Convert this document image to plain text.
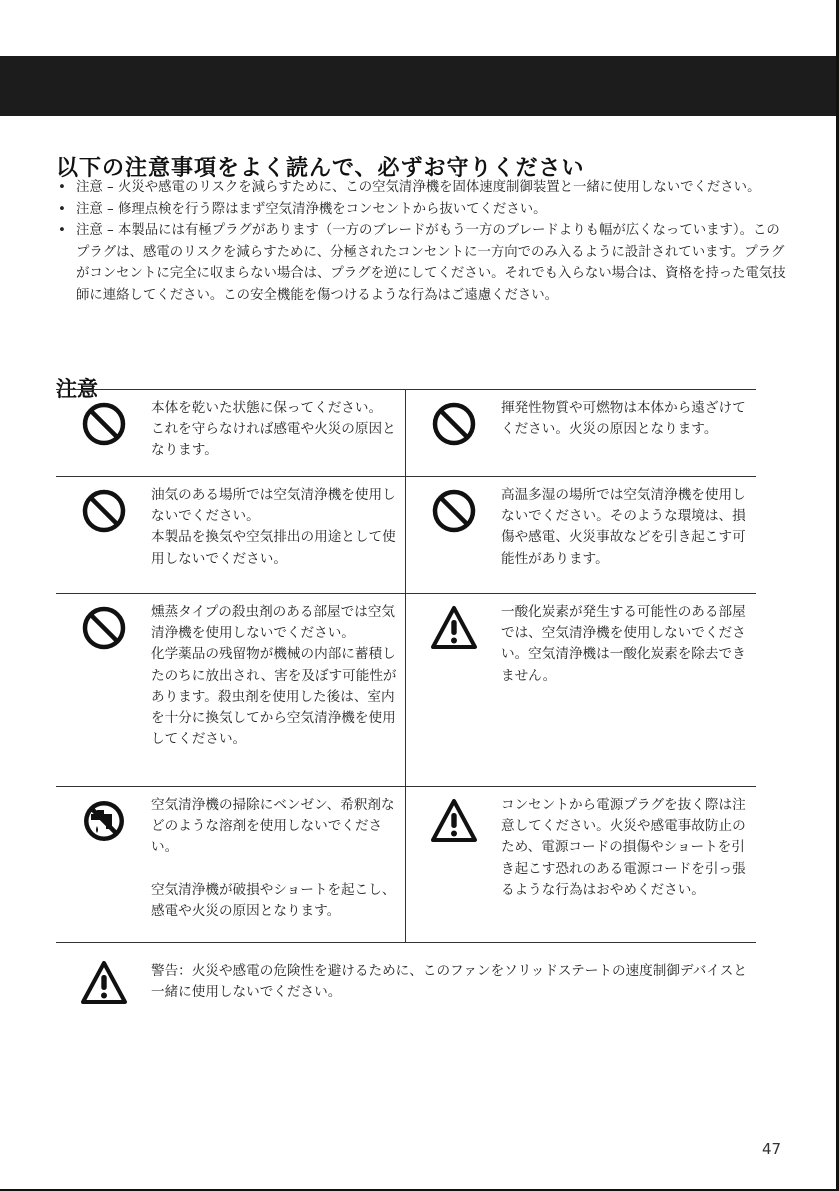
以下の注意事項をよく読んで、必ずお守りください
• 注意 – 火災や感電のリスクを減らすために、この空気清浄機を固体速度制御装置と一緒に使用しないでください。
• 注意 – 修理点検を行う際はまず空気清浄機をコンセントから抜いてください。
• 注意 – 本製品には有極プラグがあります（一方のブレードがもう一方のブレードよりも幅が広くなっています）。このプラグは、感電のリスクを減らすために、分極されたコンセントに一方向でのみ入るように設計されています。プラグがコンセントに完全に収まらない場合は、プラグを逆にしてください。それでも入らない場合は、資格を持った電気技師に連絡してください。この安全機能を傷つけるような行為はご遠慮ください。
注意

本体を乾いた状態に保ってください。

これを守らなければ感電や火災の原因となります。

揮発性物質や可燃物は本体から遠ざけてください。火災の原因となります。

油気のある場所では空気清浄機を使用しないでください。

本製品を換気や空気排出の用途として使用しないでください。

高温多湿の場所では空気清浄機を使用しないでください。そのような環境は、損傷や感電、火災事故などを引き起こす可能性があります。

燻蒸タイプの殺虫剤のある部屋では空気清浄機を使用しないでください。

化学薬品の残留物が機械の内部に蓄積したのちに放出され、害を及ぼす可能性があります。殺虫剤を使用した後は、室内を十分に換気してから空気清浄機を使用してください。

一酸化炭素が発生する可能性のある部屋では、空気清浄機を使用しないでください。空気清浄機は一酸化炭素を除去できません。

空気清浄機の掃除にベンゼン、希釈剤などのような溶剤を使用しないでください。

空気清浄機が破損やショートを起こし、感電や火災の原因となります。

コンセントから電源プラグを抜く際は注意してください。火災や感電事故防止のため、電源コードの損傷やショートを引き起こす恐れのある電源コードを引っ張るような行為はおやめください。

警告：火災や感電の危険性を避けるために、このファンをソリッドステートの速度制御デバイスと一緒に使用しないでください。
47
